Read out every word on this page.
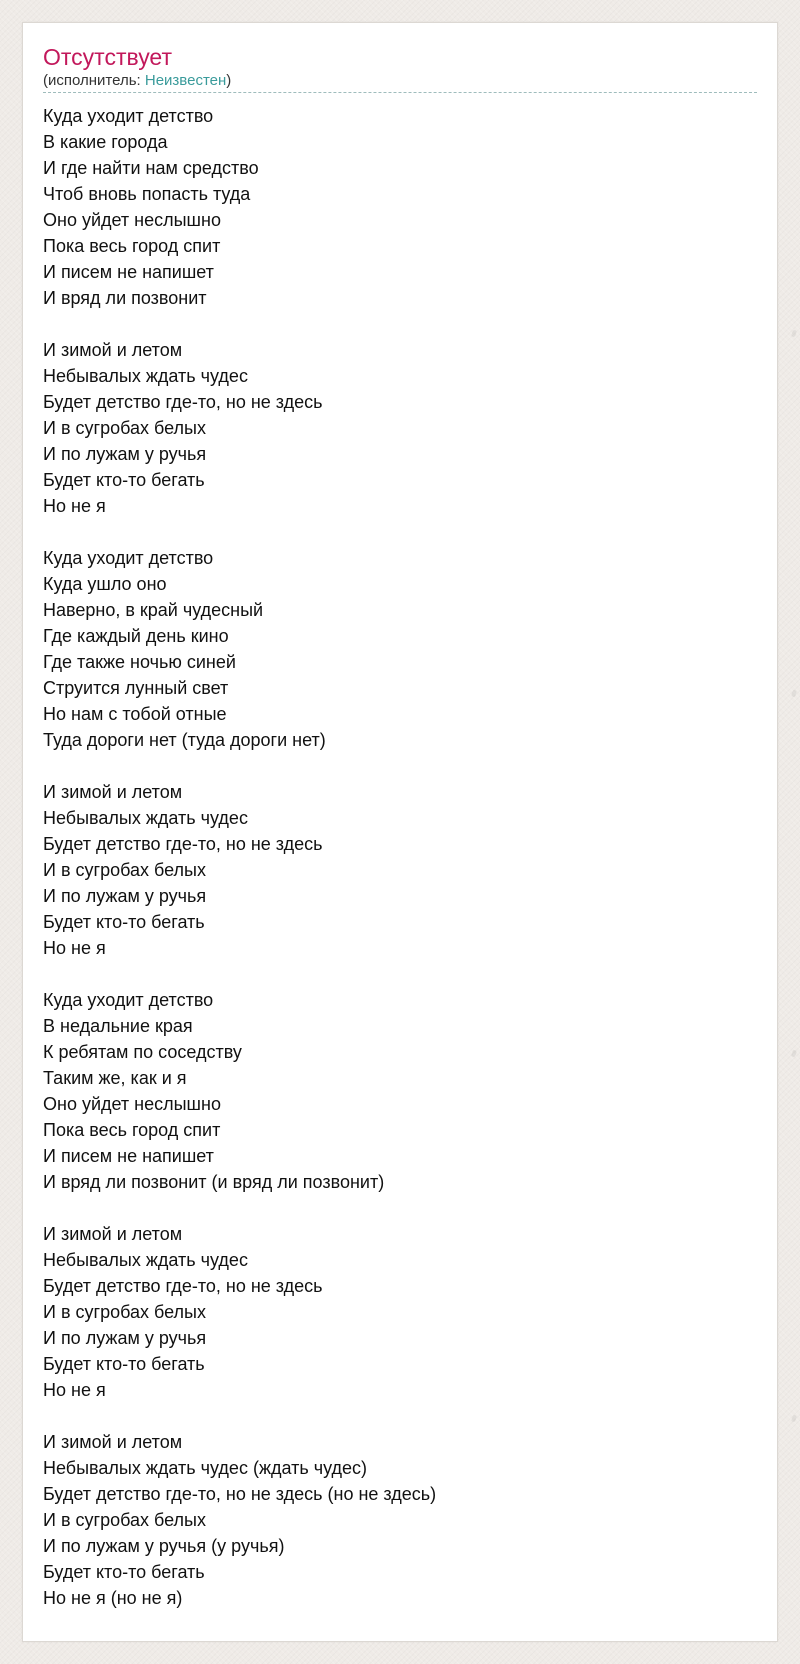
Отсутствует
(исполнитель: Неизвестен)
Куда уходит детство
В какие города
И где найти нам средство
Чтоб вновь попасть туда
Оно уйдет неслышно
Пока весь город спит
И писем не напишет
И вряд ли позвонит
И зимой и летом
Небывалых ждать чудес
Будет детство где-то, но не здесь
И в сугробах белых
И по лужам у ручья
Будет кто-то бегать
Но не я
Куда уходит детство
Куда ушло оно
Наверно, в край чудесный
Где каждый день кино
Где также ночью синей
Струится лунный свет
Но нам с тобой отные
Туда дороги нет (туда дороги нет)
И зимой и летом
Небывалых ждать чудес
Будет детство где-то, но не здесь
И в сугробах белых
И по лужам у ручья
Будет кто-то бегать
Но не я
Куда уходит детство
В недальние края
К ребятам по соседству
Таким же, как и я
Оно уйдет неслышно
Пока весь город спит
И писем не напишет
И вряд ли позвонит (и вряд ли позвонит)
И зимой и летом
Небывалых ждать чудес
Будет детство где-то, но не здесь
И в сугробах белых
И по лужам у ручья
Будет кто-то бегать
Но не я
И зимой и летом
Небывалых ждать чудес (ждать чудес)
Будет детство где-то, но не здесь (но не здесь)
И в сугробах белых
И по лужам у ручья (у ручья)
Будет кто-то бегать
Но не я (но не я)
